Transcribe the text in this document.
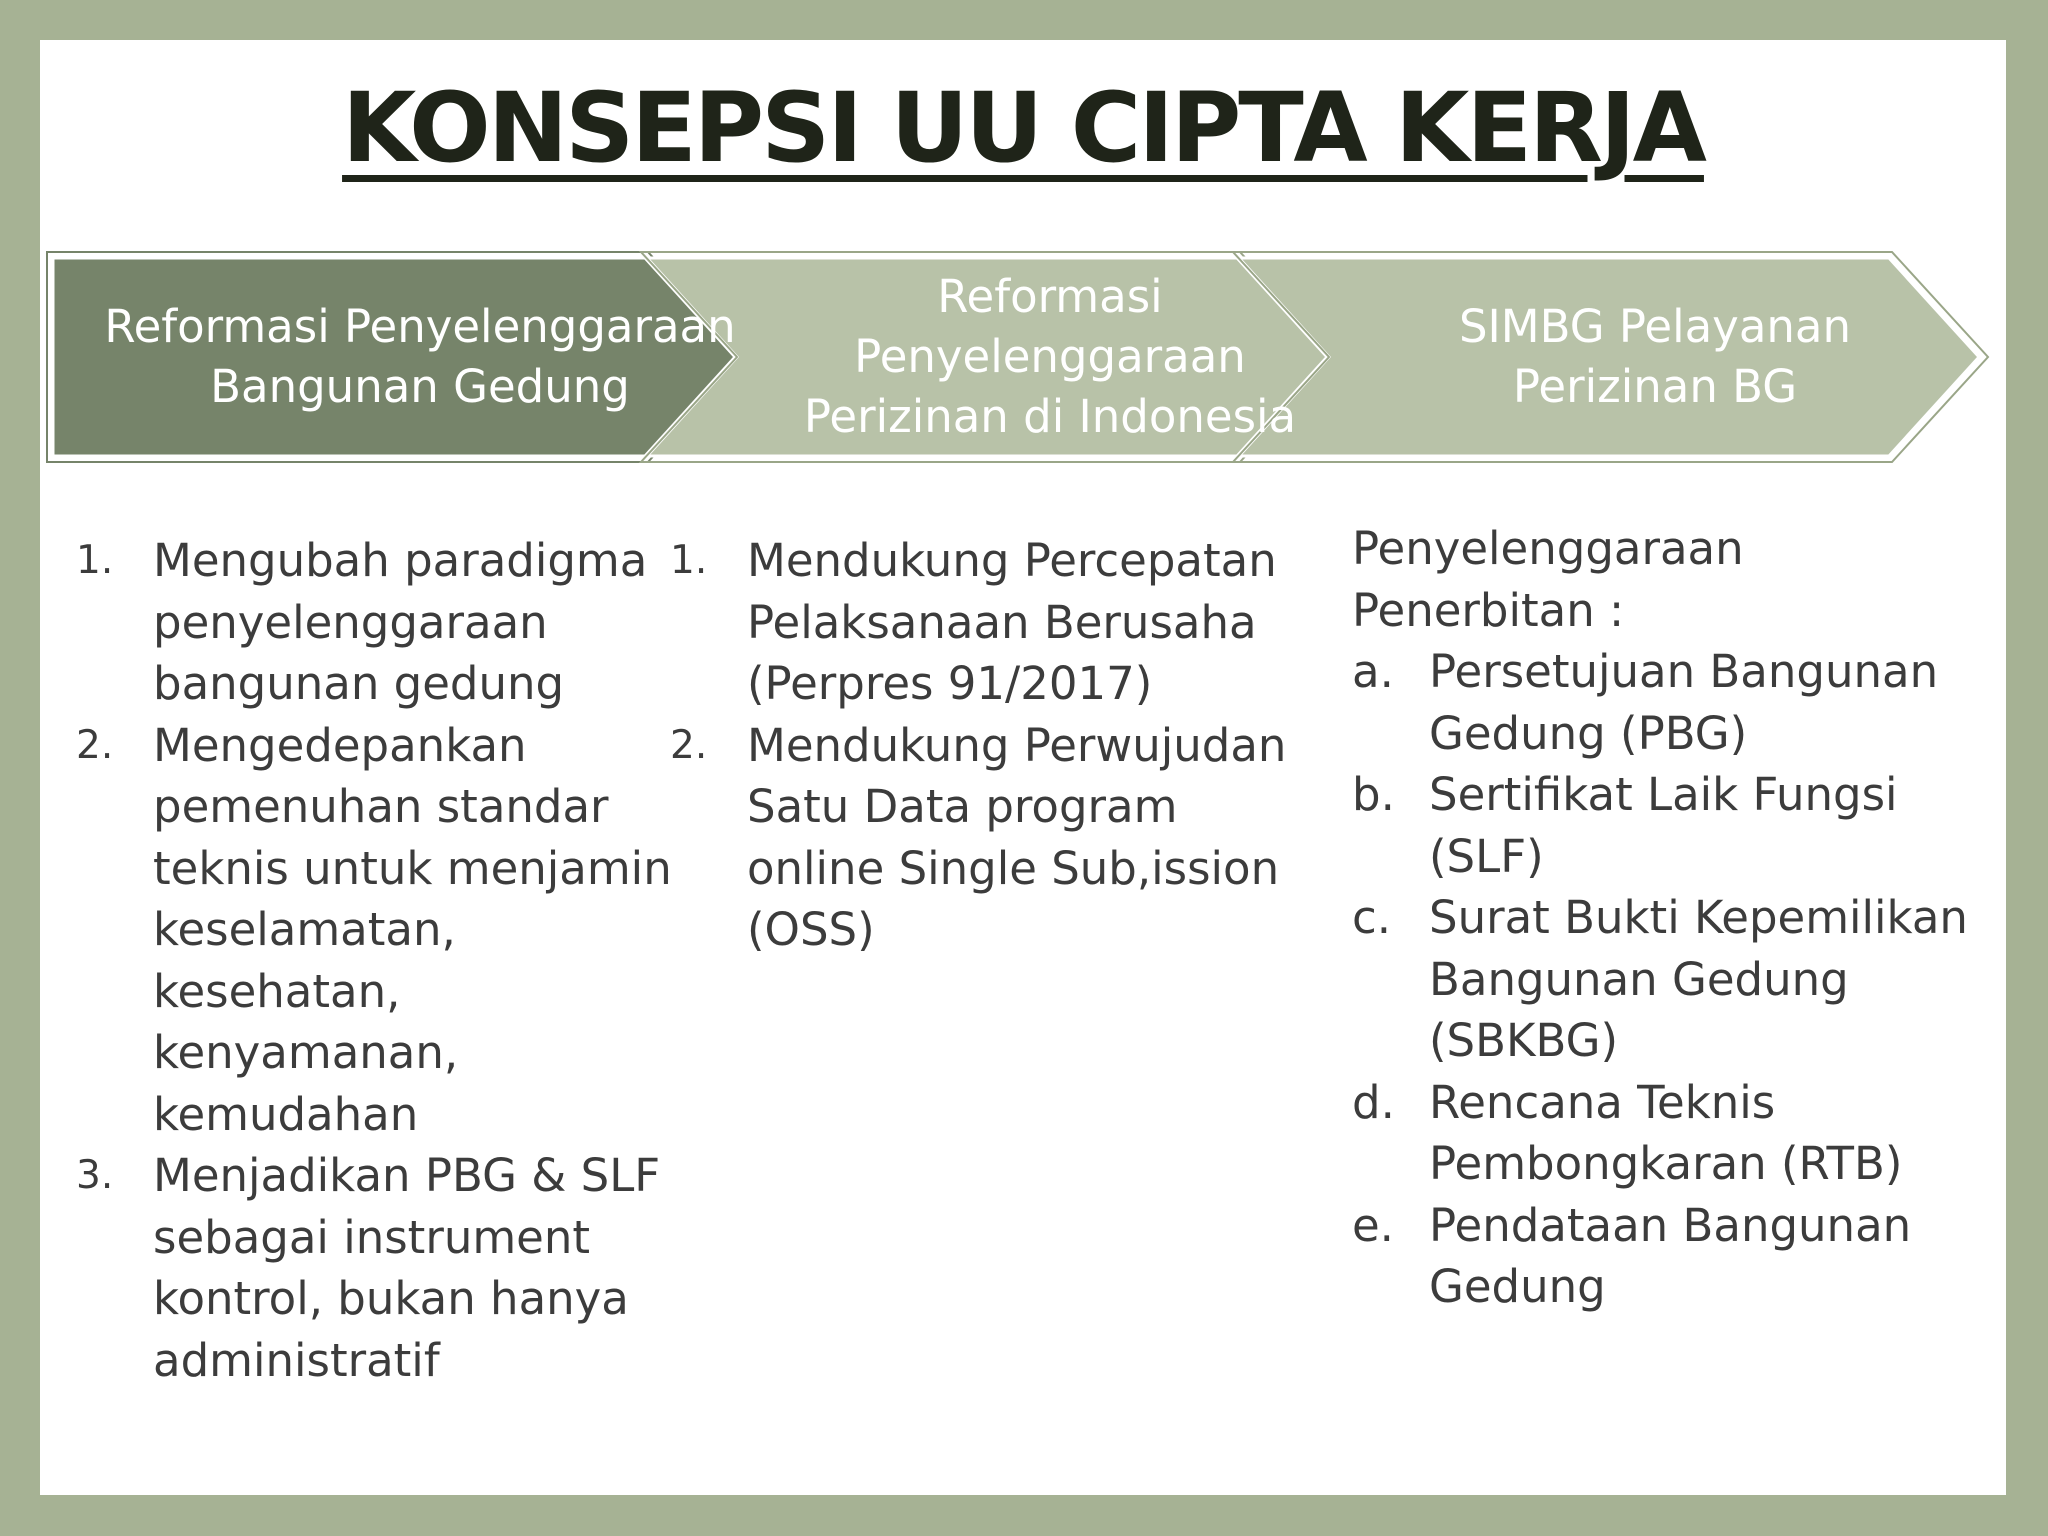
KONSEPSI UU CIPTA KERJA
Reformasi Penyelenggaraan
Bangunan Gedung
Reformasi
Penyelenggaraan
Perizinan di Indonesia
SIMBG Pelayanan
Perizinan BG
1. Mengubah paradigma penyelenggaraan bangunan gedung
2. Mengedepankan pemenuhan standar teknis untuk menjamin keselamatan, kesehatan, kenyamanan, kemudahan
3. Menjadikan PBG & SLF sebagai instrument kontrol, bukan hanya administratif
1. Mendukung Percepatan Pelaksanaan Berusaha (Perpres 91/2017)
2. Mendukung Perwujudan Satu Data program online Single Sub,ission (OSS)

Penyelenggaraan Penerbitan :

a. Persetujuan Bangunan Gedung (PBG)
b. Sertifikat Laik Fungsi (SLF)
c. Surat Bukti Kepemilikan Bangunan Gedung (SBKBG)
d. Rencana Teknis Pembongkaran (RTB)
e. Pendataan Bangunan Gedung
